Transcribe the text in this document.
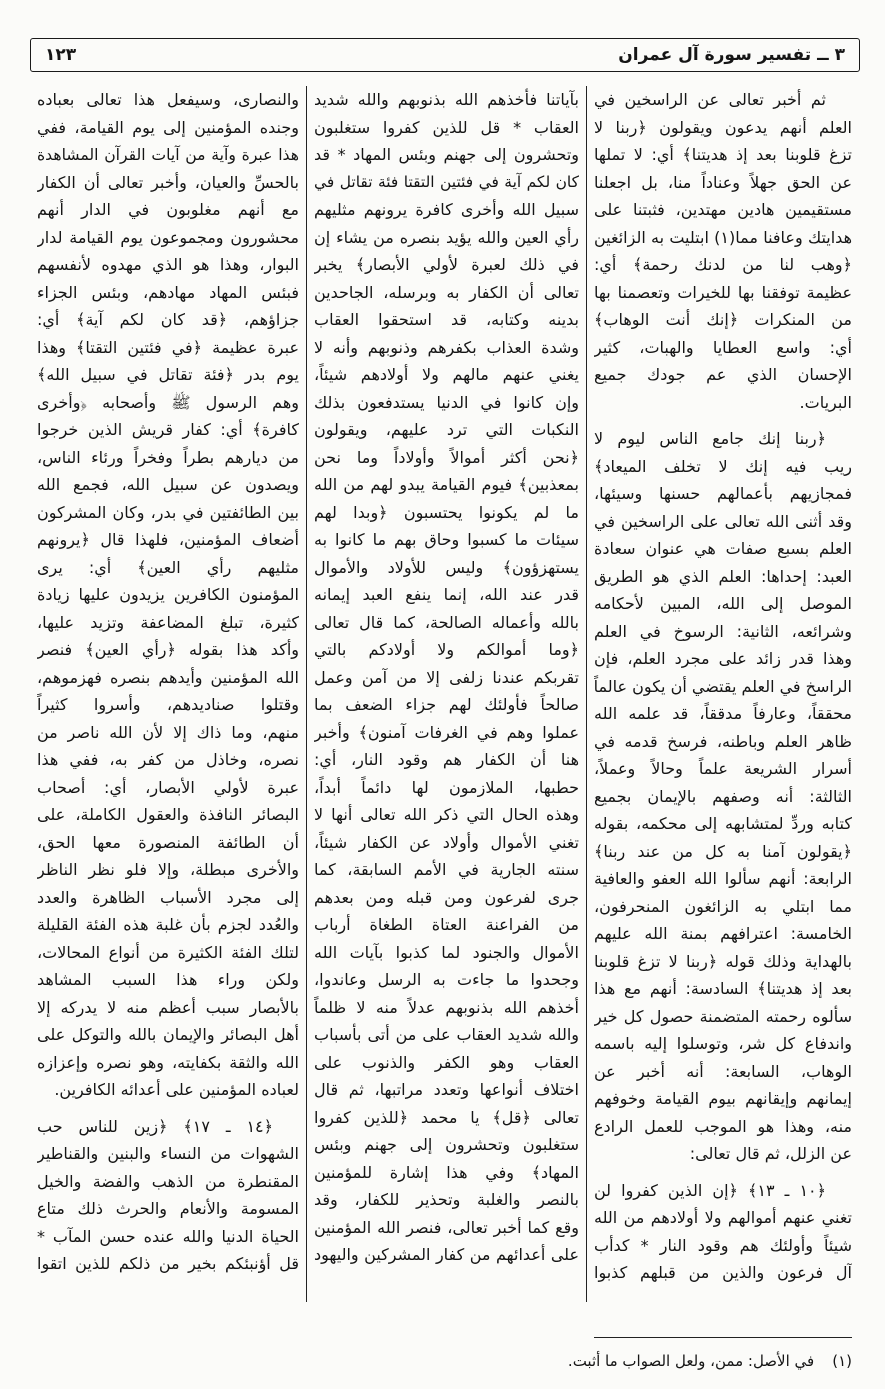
٣ ــ تفسير سورة آل عمران
١٢٣
ثم أخبر تعالى عن الراسخين في
العلم أنهم يدعون ويقولون ﴿ربنا لا
تزغ قلوبنا بعد إذ هديتنا﴾ أي: لا تملها
عن الحق جهلاً وعناداً منا، بل اجعلنا
مستقيمين هادين مهتدين، فثبتنا على
هدايتك وعافنا مما(١) ابتليت به الزائغين
﴿وهب لنا من لدنك رحمة﴾ أي:
عظيمة توفقنا بها للخيرات وتعصمنا بها
من المنكرات ﴿إنك أنت الوهاب﴾
أي: واسع العطايا والهبات، كثير
الإحسان الذي عم جودك جميع
البريات.
﴿ربنا إنك جامع الناس ليوم لا
ريب فيه إنك لا تخلف الميعاد﴾
فمجازيهم بأعمالهم حسنها وسيئها،
وقد أثنى الله تعالى على الراسخين في
العلم بسبع صفات هي عنوان سعادة
العبد: إحداها: العلم الذي هو الطريق
الموصل إلى الله، المبين لأحكامه
وشرائعه، الثانية: الرسوخ في العلم
وهذا قدر زائد على مجرد العلم، فإن
الراسخ في العلم يقتضي أن يكون عالماً
محققاً، وعارفاً مدققاً، قد علمه الله
ظاهر العلم وباطنه، فرسخ قدمه في
أسرار الشريعة علماً وحالاً وعملاً،
الثالثة: أنه وصفهم بالإيمان بجميع
كتابه وردِّ لمتشابهه إلى محكمه، بقوله
﴿يقولون آمنا به كل من عند ربنا﴾
الرابعة: أنهم سألوا الله العفو والعافية
مما ابتلي به الزائغون المنحرفون،
الخامسة: اعترافهم بمنة الله عليهم
بالهداية وذلك قوله ﴿ربنا لا تزغ قلوبنا
بعد إذ هديتنا﴾ السادسة: أنهم مع هذا
سألوه رحمته المتضمنة حصول كل خير
واندفاع كل شر، وتوسلوا إليه باسمه
الوهاب، السابعة: أنه أخبر عن
إيمانهم وإيقانهم بيوم القيامة وخوفهم
منه، وهذا هو الموجب للعمل الرادع
عن الزلل، ثم قال تعالى:
﴿١٠ ـ ١٣﴾ ﴿إن الذين كفروا لن
تغني عنهم أموالهم ولا أولادهم من الله
شيئاً وأولئك هم وقود النار * كدأب
آل فرعون والذين من قبلهم كذبوا
بآياتنا فأخذهم الله بذنوبهم والله شديد
العقاب * قل للذين كفروا ستغلبون
وتحشرون إلى جهنم وبئس المهاد * قد
كان لكم آية في فئتين التقتا فئة تقاتل في
سبيل الله وأخرى كافرة يرونهم مثليهم
رأي العين والله يؤيد بنصره من يشاء إن
في ذلك لعبرة لأولي الأبصار﴾ يخبر
تعالى أن الكفار به وبرسله، الجاحدين
بدينه وكتابه، قد استحقوا العقاب
وشدة العذاب بكفرهم وذنوبهم وأنه لا
يغني عنهم مالهم ولا أولادهم شيئاً،
وإن كانوا في الدنيا يستدفعون بذلك
النكبات التي ترد عليهم، ويقولون
﴿نحن أكثر أموالاً وأولاداً وما نحن
بمعذبين﴾ فيوم القيامة يبدو لهم من الله
ما لم يكونوا يحتسبون ﴿وبدا لهم
سيئات ما كسبوا وحاق بهم ما كانوا به
يستهزؤون﴾ وليس للأولاد والأموال
قدر عند الله، إنما ينفع العبد إيمانه
بالله وأعماله الصالحة، كما قال تعالى
﴿وما أموالكم ولا أولادكم بالتي
تقربكم عندنا زلفى إلا من آمن وعمل
صالحاً فأولئك لهم جزاء الضعف بما
عملوا وهم في الغرفات آمنون﴾ وأخبر
هنا أن الكفار هم وقود النار، أي:
حطبها، الملازمون لها دائماً أبداً،
وهذه الحال التي ذكر الله تعالى أنها لا
تغني الأموال وأولاد عن الكفار شيئاً،
سنته الجارية في الأمم السابقة، كما
جرى لفرعون ومن قبله ومن بعدهم
من الفراعنة العتاة الطغاة أرباب
الأموال والجنود لما كذبوا بآيات الله
وجحدوا ما جاءت به الرسل وعاندوا،
أخذهم الله بذنوبهم عدلاً منه لا ظلماً
والله شديد العقاب على من أتى بأسباب
العقاب وهو الكفر والذنوب على
اختلاف أنواعها وتعدد مراتبها، ثم قال
تعالى ﴿قل﴾ يا محمد ﴿للذين كفروا
ستغلبون وتحشرون إلى جهنم وبئس
المهاد﴾ وفي هذا إشارة للمؤمنين
بالنصر والغلبة وتحذير للكفار، وقد
وقع كما أخبر تعالى، فنصر الله المؤمنين
على أعدائهم من كفار المشركين واليهود
والنصارى، وسيفعل هذا تعالى بعباده
وجنده المؤمنين إلى يوم القيامة، ففي
هذا عبرة وآية من آيات القرآن المشاهدة
بالحسِّ والعيان، وأخبر تعالى أن الكفار
مع أنهم مغلوبون في الدار أنهم
محشورون ومجموعون يوم القيامة لدار
البوار، وهذا هو الذي مهدوه لأنفسهم
فبئس المهاد مهادهم، وبئس الجزاء
جزاؤهم، ﴿قد كان لكم آية﴾ أي:
عبرة عظيمة ﴿في فئتين التقتا﴾ وهذا
يوم بدر ﴿فئة تقاتل في سبيل الله﴾
وهم الرسول ﷺ وأصحابه ﴿وأخرى
كافرة﴾ أي: كفار قريش الذين خرجوا
من ديارهم بطراً وفخراً ورئاء الناس،
ويصدون عن سبيل الله، فجمع الله
بين الطائفتين في بدر، وكان المشركون
أضعاف المؤمنين، فلهذا قال ﴿يرونهم
مثليهم رأي العين﴾ أي: يرى
المؤمنون الكافرين يزيدون عليها زيادة
كثيرة، تبلغ المضاعفة وتزيد عليها،
وأكد هذا بقوله ﴿رأي العين﴾ فنصر
الله المؤمنين وأيدهم بنصره فهزموهم،
وقتلوا صناديدهم، وأسروا كثيراً
منهم، وما ذاك إلا لأن الله ناصر من
نصره، وخاذل من كفر به، ففي هذا
عبرة لأولي الأبصار، أي: أصحاب
البصائر النافذة والعقول الكاملة، على
أن الطائفة المنصورة معها الحق،
والأخرى مبطلة، وإلا فلو نظر الناظر
إلى مجرد الأسباب الظاهرة والعدد
والعُدد لجزم بأن غلبة هذه الفئة القليلة
لتلك الفئة الكثيرة من أنواع المحالات،
ولكن وراء هذا السبب المشاهد
بالأبصار سبب أعظم منه لا يدركه إلا
أهل البصائر والإيمان بالله والتوكل على
الله والثقة بكفايته، وهو نصره وإعزازه
لعباده المؤمنين على أعدائه الكافرين.
﴿١٤ ـ ١٧﴾ ﴿زين للناس حب
الشهوات من النساء والبنين والقناطير
المقنطرة من الذهب والفضة والخيل
المسومة والأنعام والحرث ذلك متاع
الحياة الدنيا والله عنده حسن المآب *
قل أؤنبئكم بخير من ذلكم للذين اتقوا
(١)في الأصل: ممن، ولعل الصواب ما أثبت.
